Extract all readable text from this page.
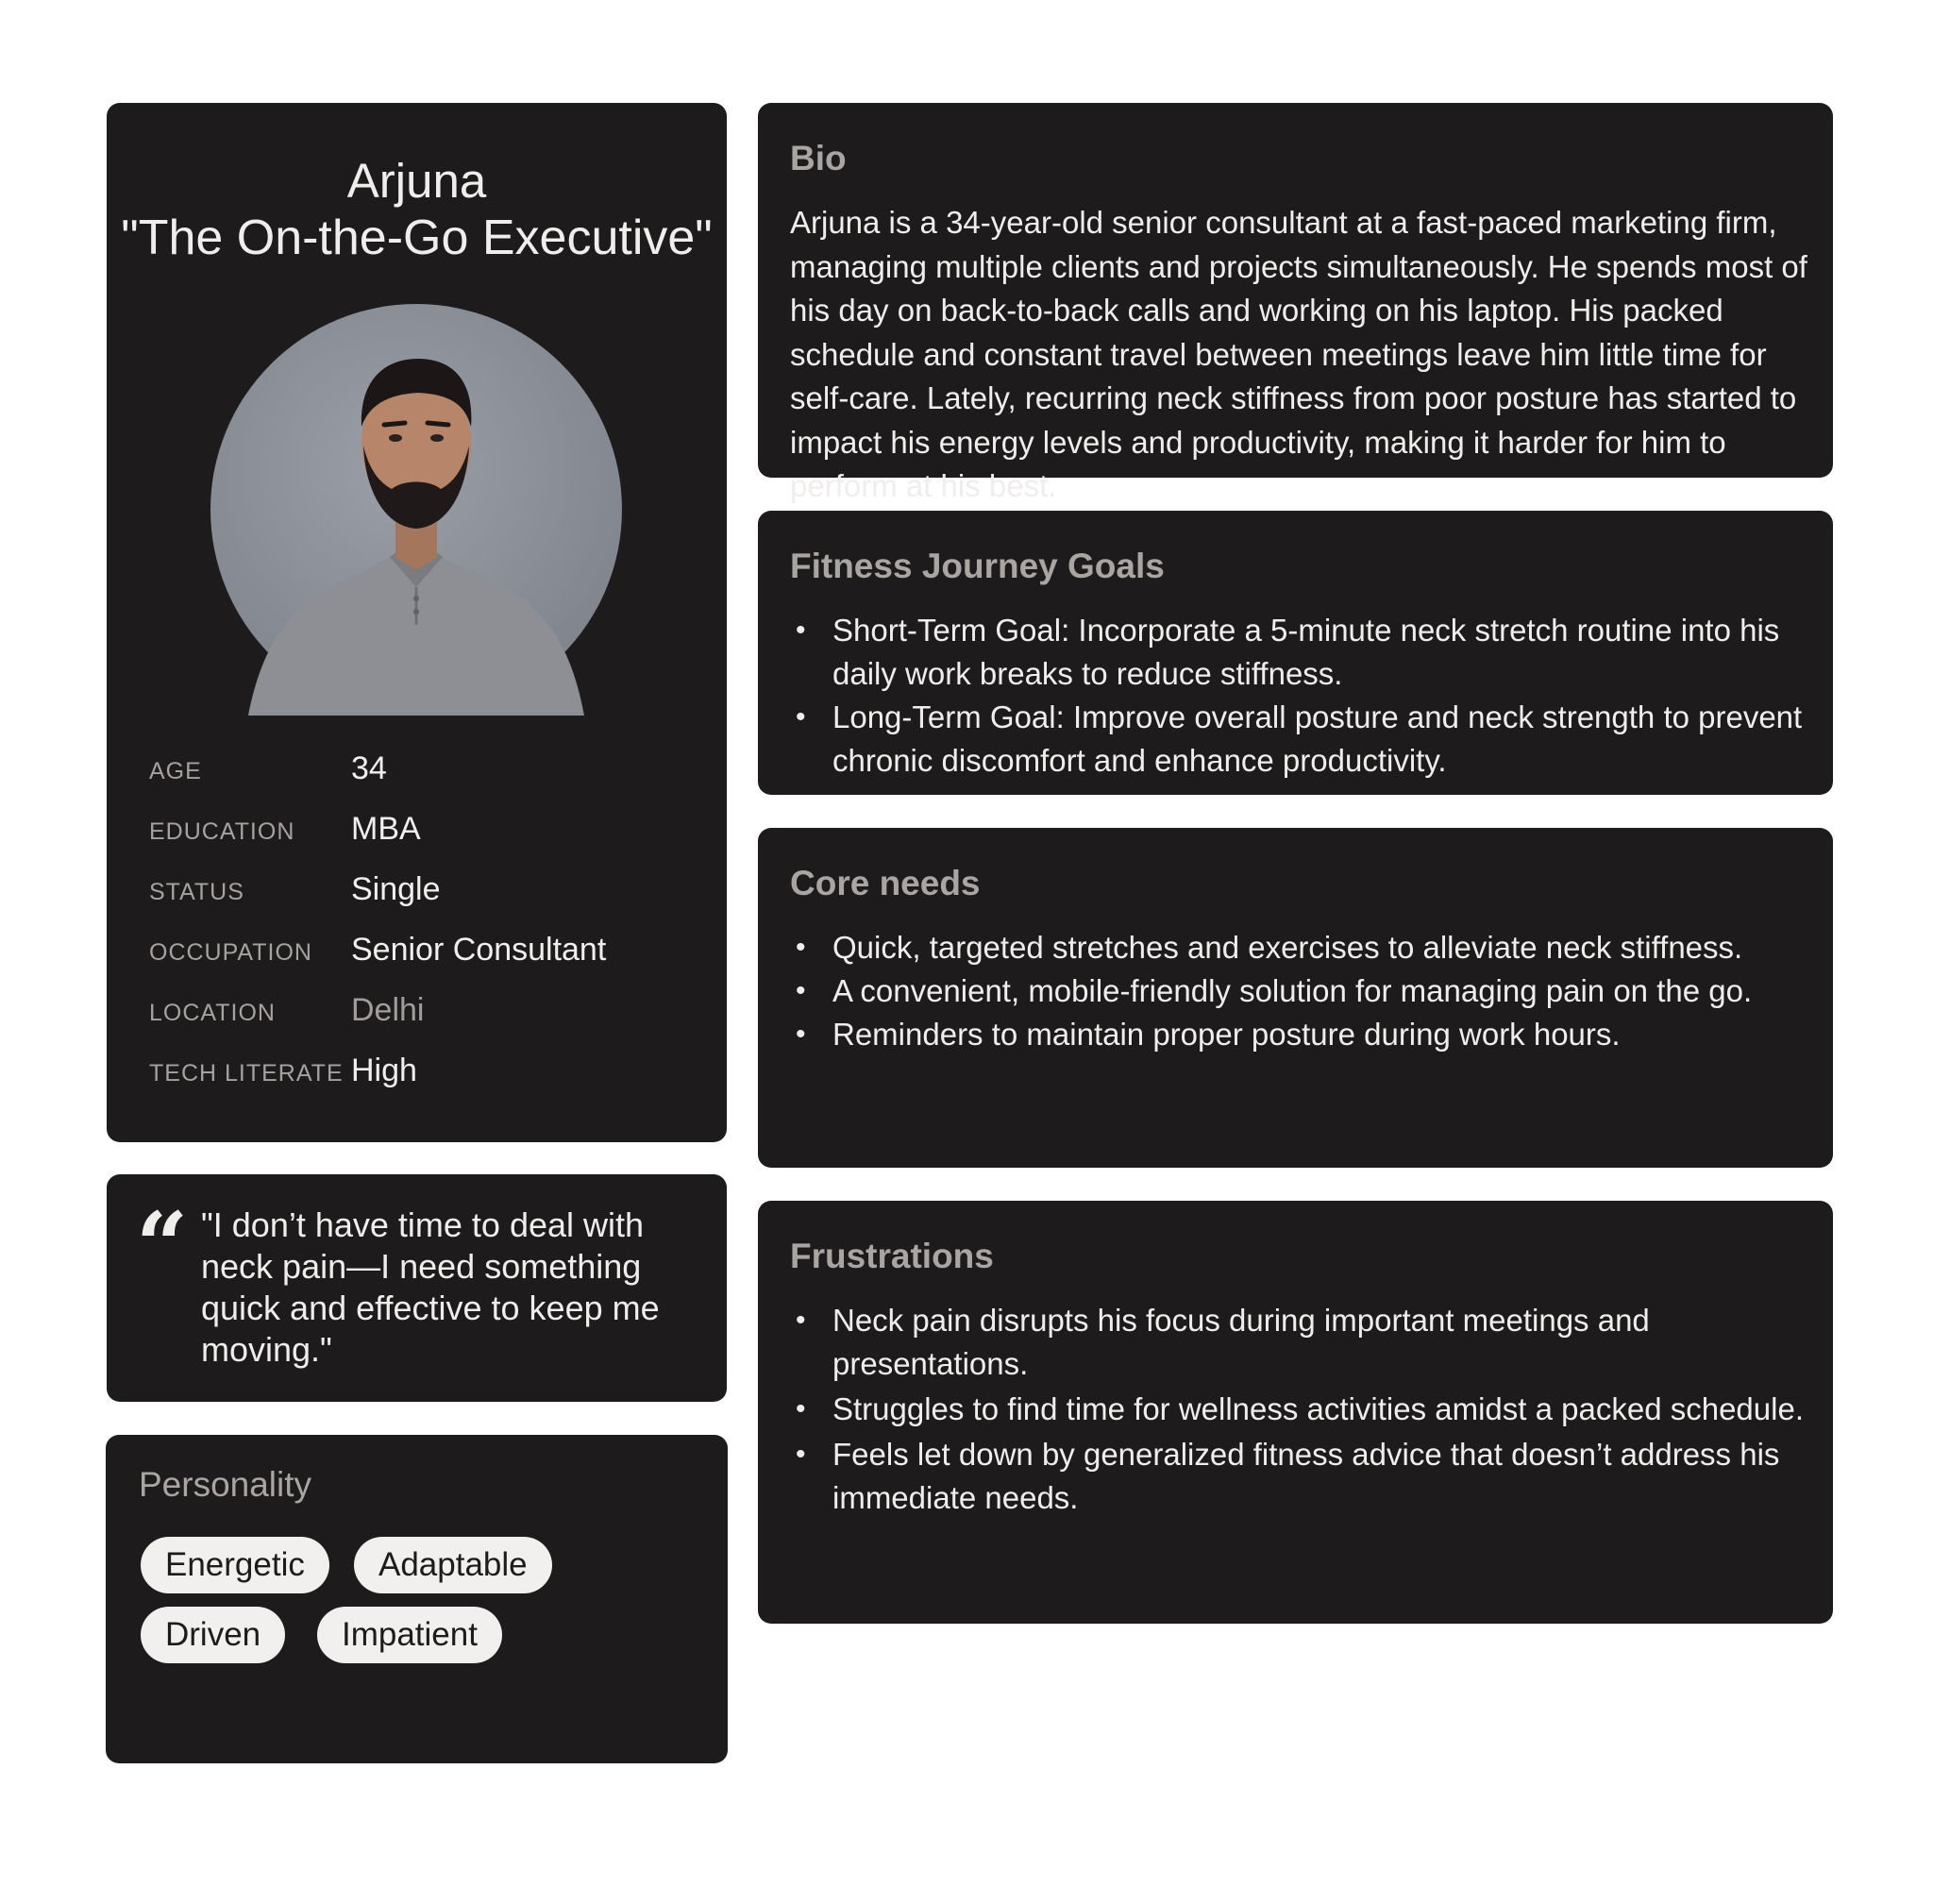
Arjuna
"The On-the-Go Executive"
AGE	34
EDUCATION MBA
STATUS	Single
OCCUPATION Senior Consultant
LOCATION Delhi
TECH LITERATE High
“ "I don’t have time to deal with neck pain—I need something quick and effective to keep me moving."
Personality
Energetic	Adaptable
Driven	Impatient
Bio
Arjuna is a 34-year-old senior consultant at a fast-paced marketing firm, managing multiple clients and projects simultaneously. He spends most of his day on back-to-back calls and working on his laptop. His packed schedule and constant travel between meetings leave him little time for self-care. Lately, recurring neck stiffness from poor posture has started to impact his energy levels and productivity, making it harder for him to perform at his best.
Fitness Journey Goals
• Short-Term Goal: Incorporate a 5-minute neck stretch routine into his daily work breaks to reduce stiffness.
• Long-Term Goal: Improve overall posture and neck strength to prevent chronic discomfort and enhance productivity.
Core needs
• Quick, targeted stretches and exercises to alleviate neck stiffness.
• A convenient, mobile-friendly solution for managing pain on the go.
• Reminders to maintain proper posture during work hours.
Frustrations
• Neck pain disrupts his focus during important meetings and presentations.
• Struggles to find time for wellness activities amidst a packed schedule.
• Feels let down by generalized fitness advice that doesn’t address his immediate needs.
